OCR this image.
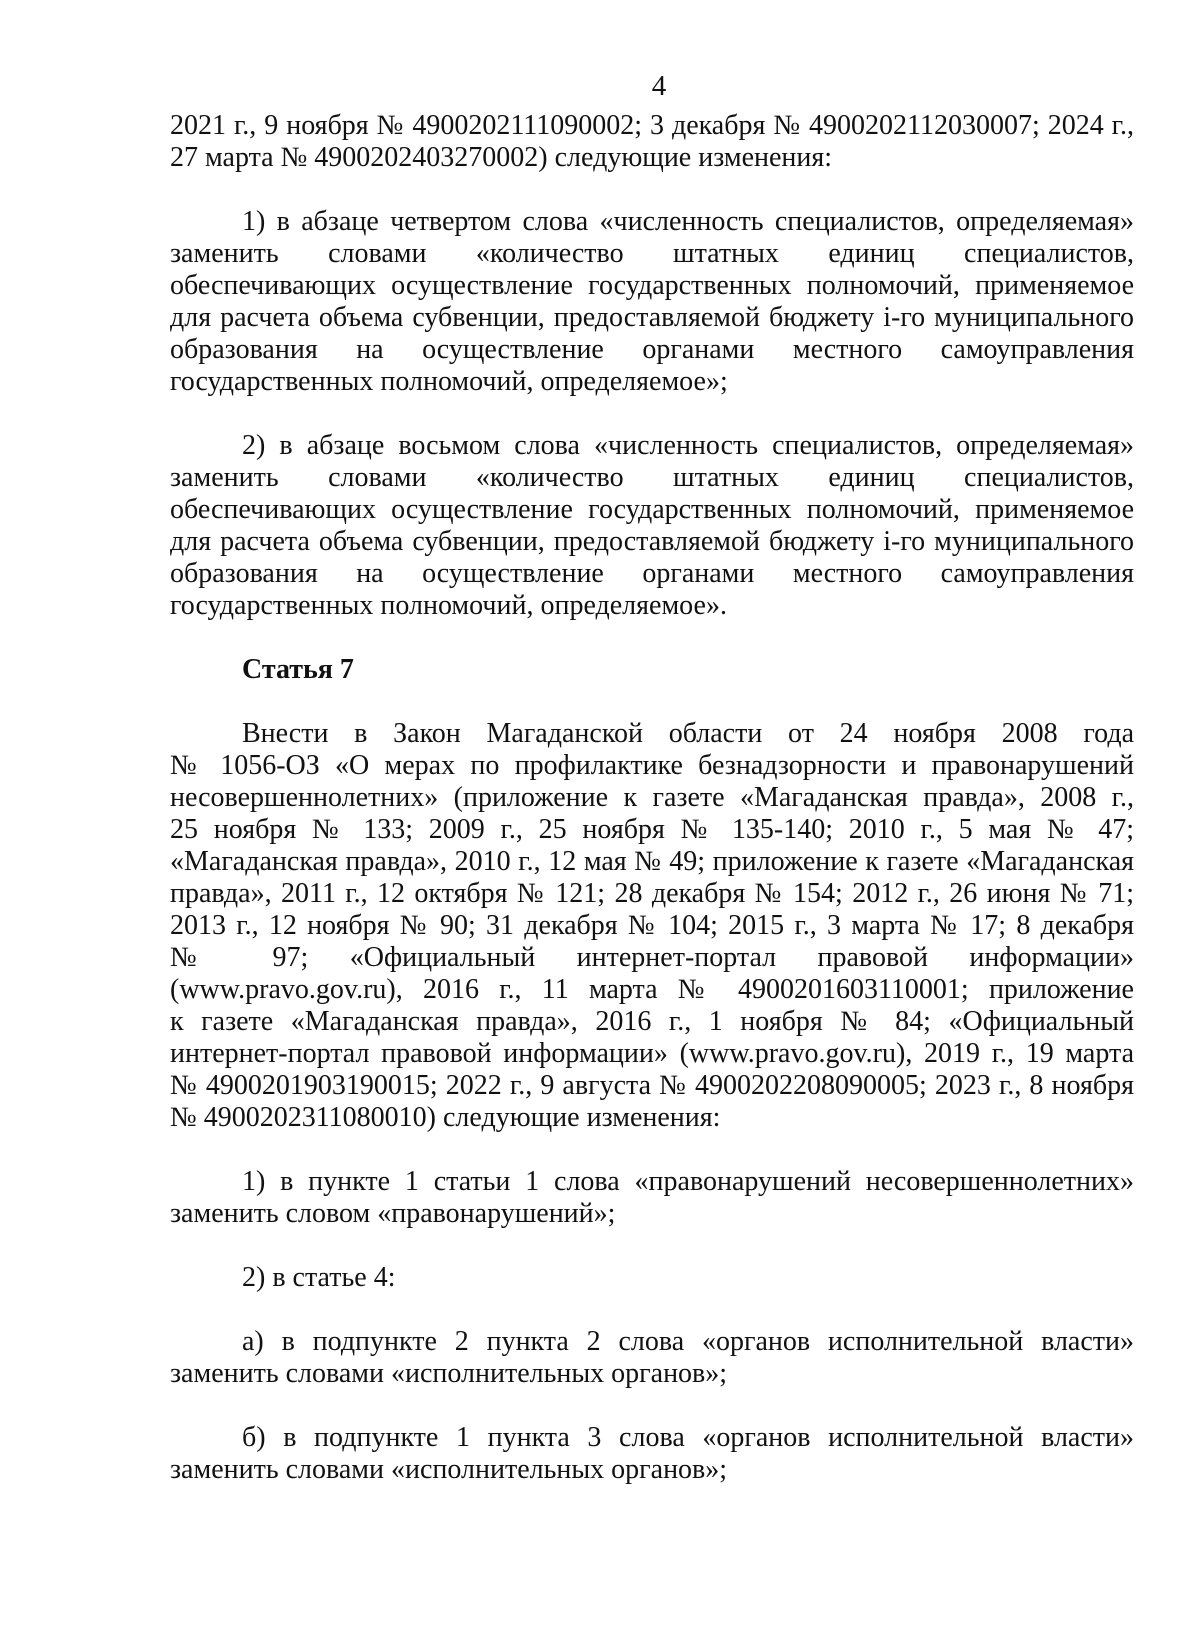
4
2021 г., 9 ноября № 4900202111090002; 3 декабря № 4900202112030007; 2024 г.,
27 марта № 4900202403270002) следующие изменения:
1) в абзаце четвертом слова «численность специалистов, определяемая»
заменить словами «количество штатных единиц специалистов,
обеспечивающих осуществление государственных полномочий, применяемое
для расчета объема субвенции, предоставляемой бюджету i-го муниципального
образования на осуществление органами местного самоуправления
государственных полномочий, определяемое»;
2) в абзаце восьмом слова «численность специалистов, определяемая»
заменить словами «количество штатных единиц специалистов,
обеспечивающих осуществление государственных полномочий, применяемое
для расчета объема субвенции, предоставляемой бюджету i-го муниципального
образования на осуществление органами местного самоуправления
государственных полномочий, определяемое».
Статья 7
Внести в Закон Магаданской области от 24 ноября 2008 года
№ 1056-ОЗ «О мерах по профилактике безнадзорности и правонарушений
несовершеннолетних» (приложение к газете «Магаданская правда», 2008 г.,
25 ноября № 133; 2009 г., 25 ноября № 135-140; 2010 г., 5 мая № 47;
«Магаданская правда», 2010 г., 12 мая № 49; приложение к газете «Магаданская
правда», 2011 г., 12 октября № 121; 28 декабря № 154; 2012 г., 26 июня № 71;
2013 г., 12 ноября № 90; 31 декабря № 104; 2015 г., 3 марта № 17; 8 декабря
№ 97; «Официальный интернет-портал правовой информации»
(www.pravo.gov.ru), 2016 г., 11 марта № 4900201603110001; приложение
к газете «Магаданская правда», 2016 г., 1 ноября № 84; «Официальный
интернет-портал правовой информации» (www.pravo.gov.ru), 2019 г., 19 марта
№ 4900201903190015; 2022 г., 9 августа № 4900202208090005; 2023 г., 8 ноября
№ 4900202311080010) следующие изменения:
1) в пункте 1 статьи 1 слова «правонарушений несовершеннолетних»
заменить словом «правонарушений»;
2) в статье 4:
а) в подпункте 2 пункта 2 слова «органов исполнительной власти»
заменить словами «исполнительных органов»;
б) в подпункте 1 пункта 3 слова «органов исполнительной власти»
заменить словами «исполнительных органов»;
